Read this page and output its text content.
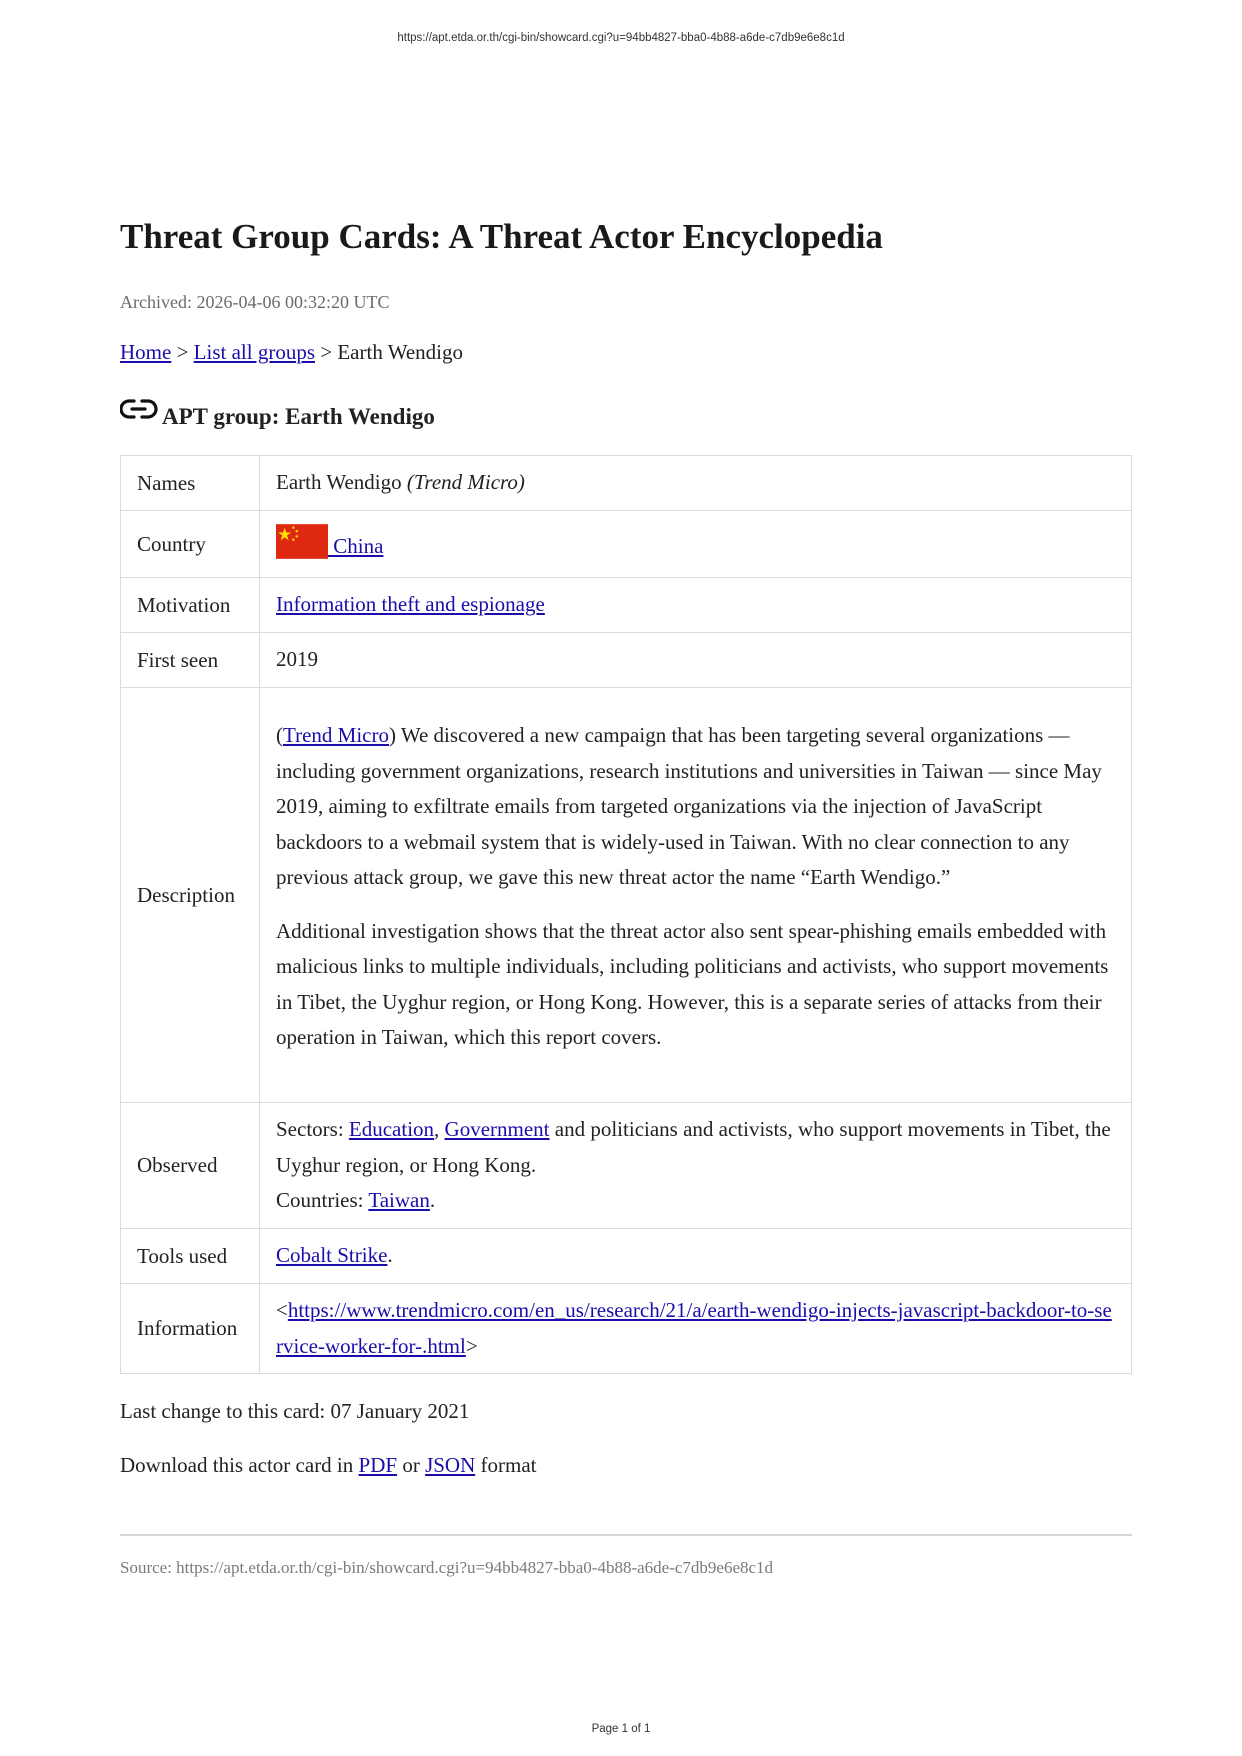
https://apt.etda.or.th/cgi-bin/showcard.cgi?u=94bb4827-bba0-4b88-a6de-c7db9e6e8c1d
Threat Group Cards: A Threat Actor Encyclopedia
Archived: 2026-04-06 00:32:20 UTC
Home > List all groups > Earth Wendigo
APT group: Earth Wendigo
Names	Earth Wendigo (Trend Micro)
Country	China
Motivation	Information theft and espionage
First seen	2019
Description	(Trend Micro) We discovered a new campaign that has been targeting several organizations — including government organizations, research institutions and universities in Taiwan — since May 2019, aiming to exfiltrate emails from targeted organizations via the injection of JavaScript backdoors to a webmail system that is widely-used in Taiwan. With no clear connection to any previous attack group, we gave this new threat actor the name “Earth Wendigo.”

Additional investigation shows that the threat actor also sent spear-phishing emails embedded with malicious links to multiple individuals, including politicians and activists, who support movements in Tibet, the Uyghur region, or Hong Kong. However, this is a separate series of attacks from their operation in Taiwan, which this report covers.

Observed	Sectors: Education, Government and politicians and activists, who support movements in Tibet, the Uyghur region, or Hong Kong.
Countries: Taiwan.
Tools used	Cobalt Strike.
Information	<https://www.trendmicro.com/en_us/research/21/a/earth-wendigo-injects-javascript-backdoor-to-service-worker-for-.html>
Last change to this card: 07 January 2021
Download this actor card in PDF or JSON format
Source: https://apt.etda.or.th/cgi-bin/showcard.cgi?u=94bb4827-bba0-4b88-a6de-c7db9e6e8c1d
Page 1 of 1
